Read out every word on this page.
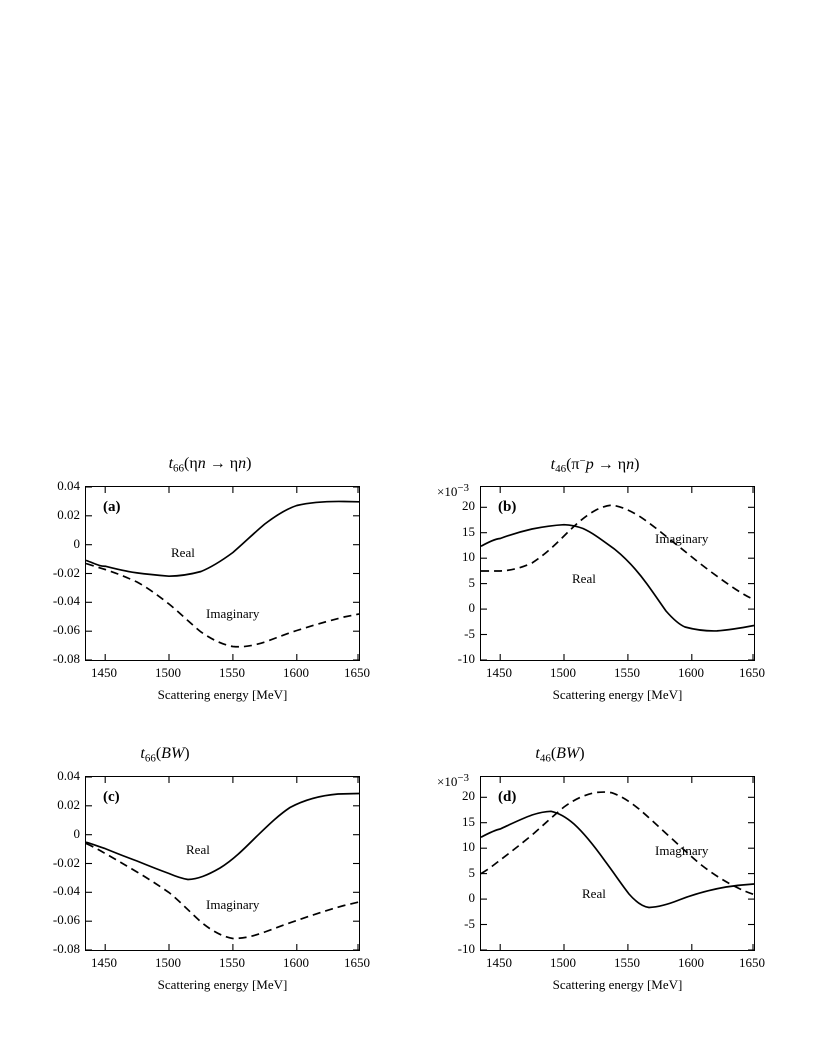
$t_{66}(\eta n \to \eta n)$
(a)
Real
Imaginary
0.04
0.02
0
-0.02
-0.04
-0.06
-0.08
1450	1500	1550	1600	1650
Scattering energy [MeV]
$t_{46}(\pi^-p \to \eta n)$
$\times 10^{-3}$
(b)
Real
Imaginary
20
15
10
5
0
-5
-10
1450	1500	1550	1600	1650
Scattering energy [MeV]
$t_{66}(BW)$
(c)
Real
Imaginary
0.04
0.02
0
-0.02
-0.04
-0.06
-0.08
1450	1500	1550	1600	1650
Scattering energy [MeV]
$t_{46}(BW)$
$\times 10^{-3}$
(d)
Real
Imaginary
20
15
10
5
0
-5
-10
1450	1500	1550	1600	1650
Scattering energy [MeV]
